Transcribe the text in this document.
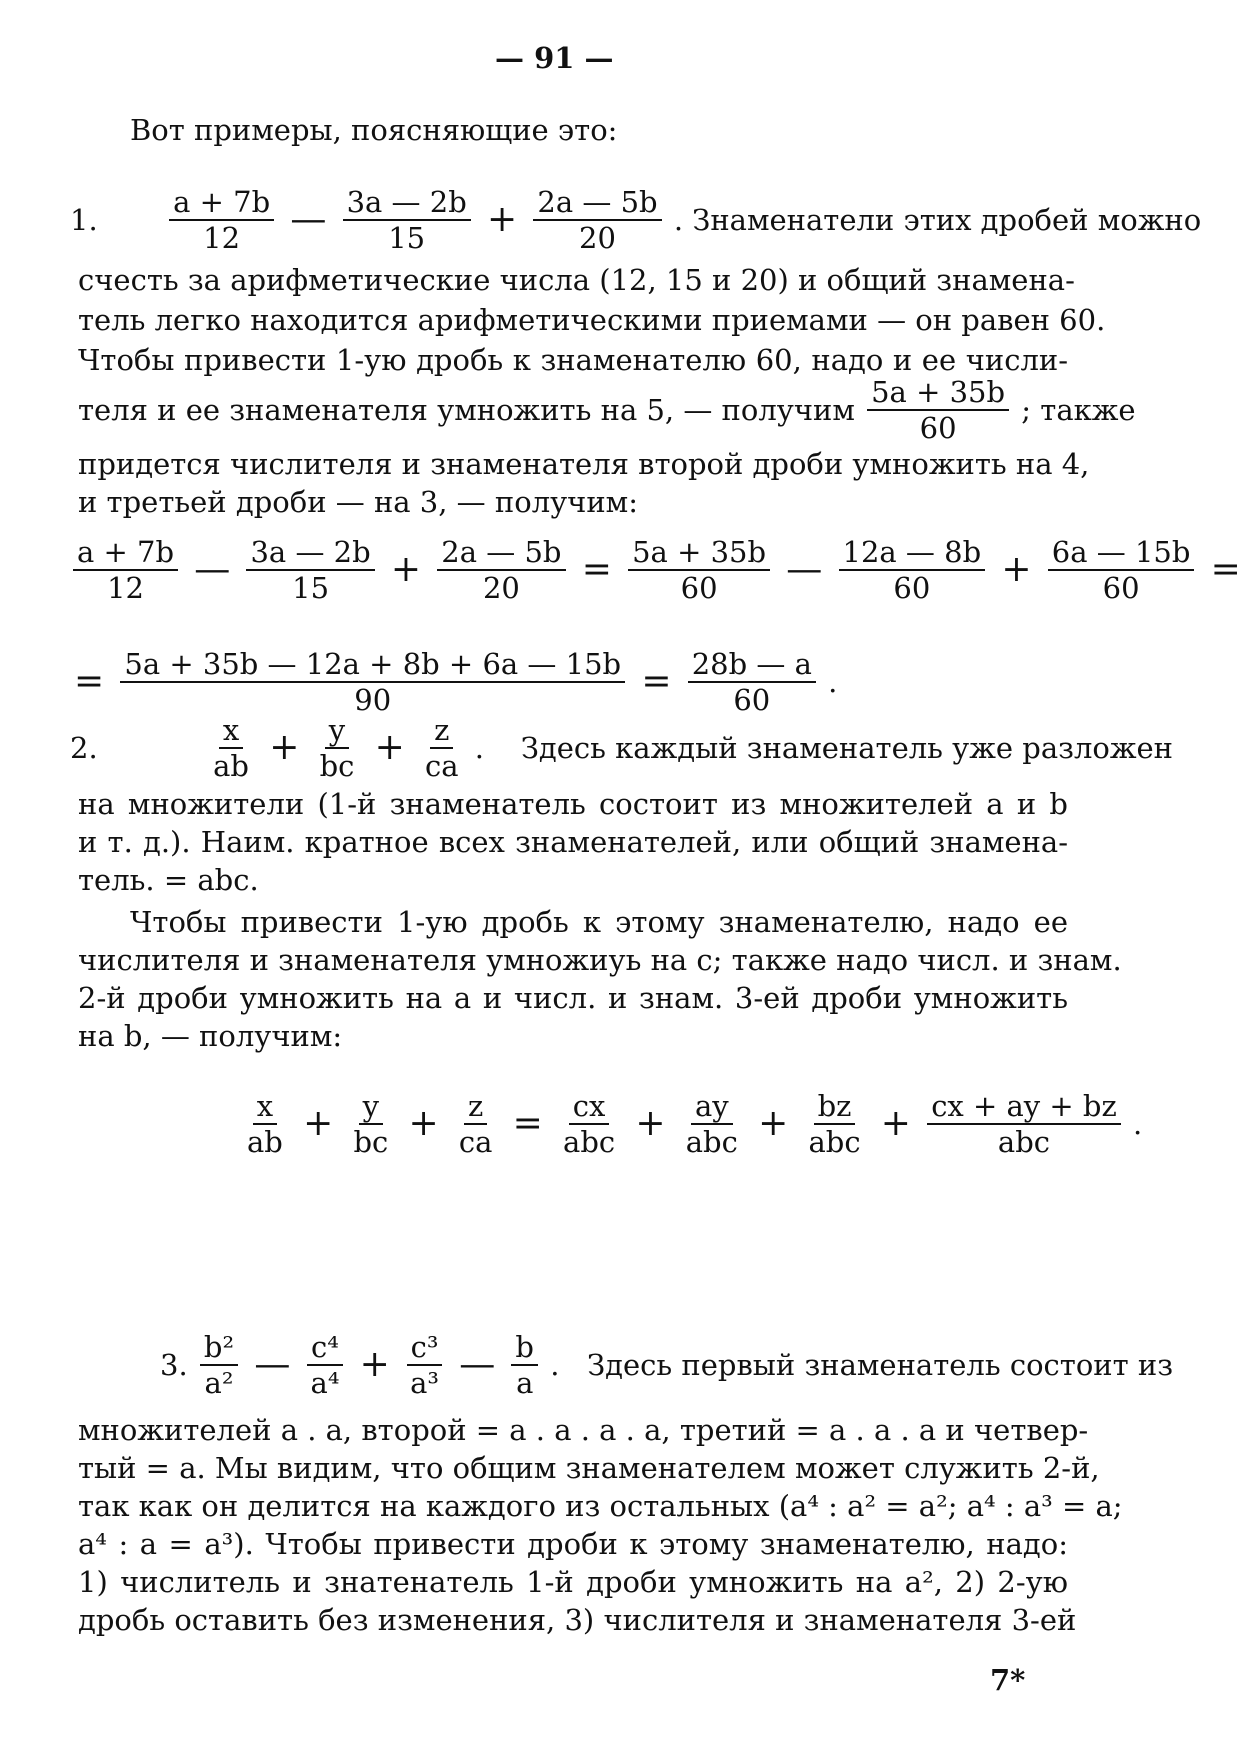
— 91 —
Вот примеры, поясняющие это:
1. $\frac{a + 7b}{12}$ — $\frac{3a — 2b}{15} + \frac{2a — 5b}{20}$ . Знаменатели этих дробей можно
счесть за арифметические числа (12, 15 и 20) и общий знамена-
тель легко находится арифметическими приемами — он равен 60.
Чтобы привести 1-ую дробь к знаменателю 60, надо и ее числи-
теля и ее знаменателя умножить на 5, — получим $\frac{5a + 35b}{60}$ ; также
придется числителя и знаменателя второй дроби умножить на 4,
и третьей дроби — на 3, — получим:
$\frac{a + 7b}{12}$ — $\frac{3a — 2b}{15} + \frac{2a — 5b}{20} = \frac{5a + 35b}{60}$ — $\frac{12a — 8b}{60} + \frac{6a — 15b}{60}$ =
= $\frac{5a + 35b — 12a + 8b + 6a — 15b}{90} = \frac{28b — a}{60}$ .
2.	$\frac{x}{ab} + \frac{y}{bc} + \frac{z}{ca}$ .    Здесь каждый знаменатель уже разложен
на множители (1-й знаменатель состоит из множителей a и b
и т. д.). Наим. кратное всех знаменателей, или общий знамена-
тель. = abc.
Чтобы привести 1-ую дробь к этому знаменателю, надо ее
числителя и знаменателя умножиуь на c; также надо числ. и знам.
2-й дроби умножить на a и числ. и знам. 3-ей дроби умножить
на b, — получим:
$\frac{x}{ab} + \frac{y}{bc} + \frac{z}{ca} = \frac{cx}{\text{abc}} + \frac{ay}{\text{abc}} + \frac{bz}{\text{abc}} + \frac{cx + ay + bz}{\text{abc}}$ .
3. $\frac{\text{b²}}{\text{a²}}$ — $\frac{\text{c⁴}}{\text{a⁴}} + \frac{\text{c³}}{\text{a³}}$ — $\frac{b}{a}$ .   Здесь первый знаменатель состоит из
множителей a . a, второй = a . a . a . a, третий = a . a . a и четвер-
тый = a. Мы видим, что общим знаменателем может служить 2-й,
так как он делится на каждого из остальных (a⁴ : a² = a²; a⁴ : a³ = a;
a⁴ : a = a³). Чтобы привести дроби к этому знаменателю, надо:
1) числитель и знатенатель 1-й дроби умножить на a², 2) 2-ую
дробь оставить без изменения, 3) числителя и знаменателя 3-ей
7*
